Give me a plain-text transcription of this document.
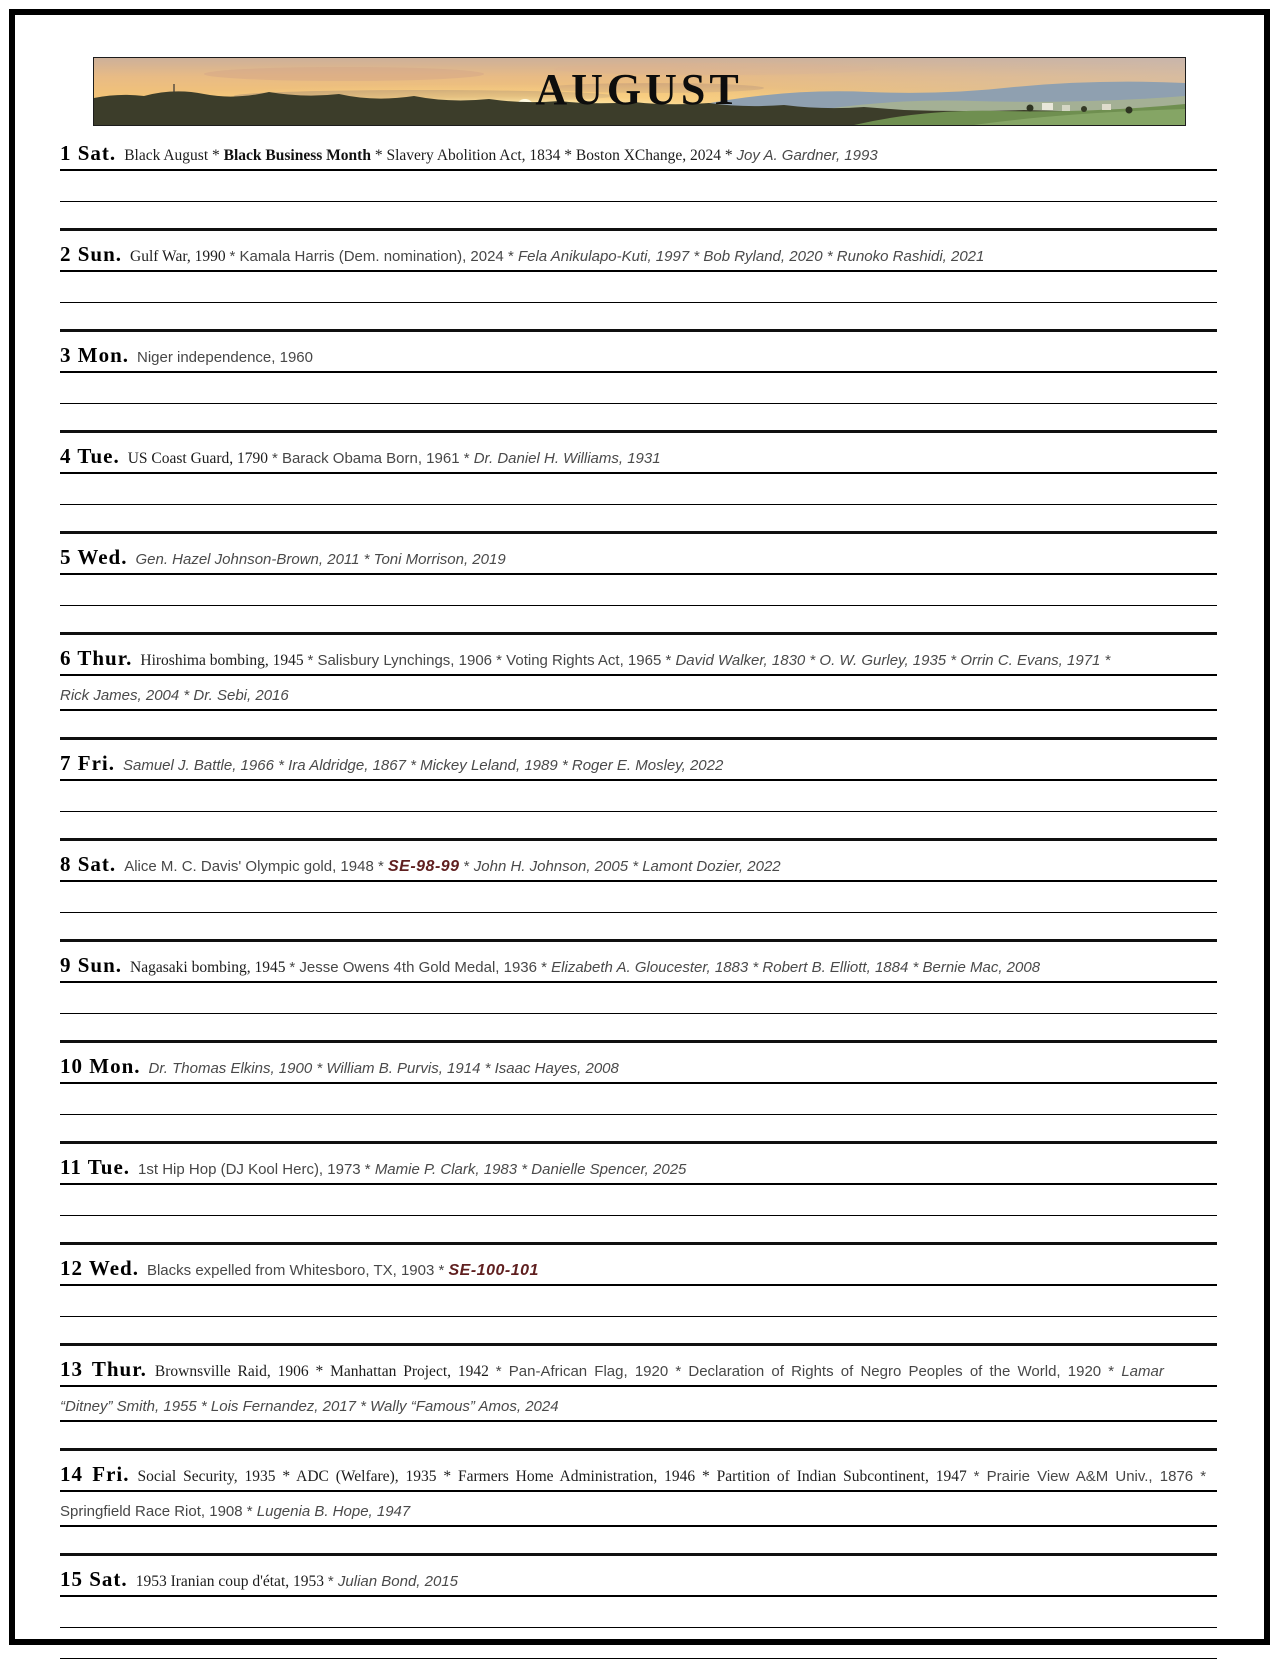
AUGUST
1 Sat. Black August * Black Business Month * Slavery Abolition Act, 1834 * Boston XChange, 2024 * Joy A. Gardner, 1993
2 Sun. Gulf War, 1990 * Kamala Harris (Dem. nomination), 2024 * Fela Anikulapo-Kuti, 1997 * Bob Ryland, 2020 * Runoko Rashidi, 2021
3 Mon. Niger independence, 1960
4 Tue. US Coast Guard, 1790 * Barack Obama Born, 1961 * Dr. Daniel H. Williams, 1931
5 Wed. Gen. Hazel Johnson-Brown, 2011 * Toni Morrison, 2019
6 Thur. Hiroshima bombing, 1945 * Salisbury Lynchings, 1906 * Voting Rights Act, 1965 * David Walker, 1830 * O. W. Gurley, 1935 * Orrin C. Evans, 1971 *
Rick James, 2004 * Dr. Sebi, 2016
7 Fri. Samuel J. Battle, 1966 * Ira Aldridge, 1867 * Mickey Leland, 1989 * Roger E. Mosley, 2022
8 Sat. Alice M. C. Davis' Olympic gold, 1948 * SE-98-99 * John H. Johnson, 2005 * Lamont Dozier, 2022
9 Sun. Nagasaki bombing, 1945 * Jesse Owens 4th Gold Medal, 1936 * Elizabeth A. Gloucester, 1883 * Robert B. Elliott, 1884 * Bernie Mac, 2008
10 Mon. Dr. Thomas Elkins, 1900 * William B. Purvis, 1914 * Isaac Hayes, 2008
11 Tue. 1st Hip Hop (DJ Kool Herc), 1973 * Mamie P. Clark, 1983 * Danielle Spencer, 2025
12 Wed. Blacks expelled from Whitesboro, TX, 1903 * SE-100-101
13 Thur. Brownsville Raid, 1906 * Manhattan Project, 1942 * Pan-African Flag, 1920 * Declaration of Rights of Negro Peoples of the World, 1920 * Lamar
“Ditney” Smith, 1955 * Lois Fernandez, 2017 * Wally “Famous” Amos, 2024
14 Fri. Social Security, 1935 * ADC (Welfare), 1935 * Farmers Home Administration, 1946 * Partition of Indian Subcontinent, 1947 * Prairie View A&M Univ., 1876 *
Springfield Race Riot, 1908 * Lugenia B. Hope, 1947
15 Sat. 1953 Iranian coup d'état, 1953 * Julian Bond, 2015
